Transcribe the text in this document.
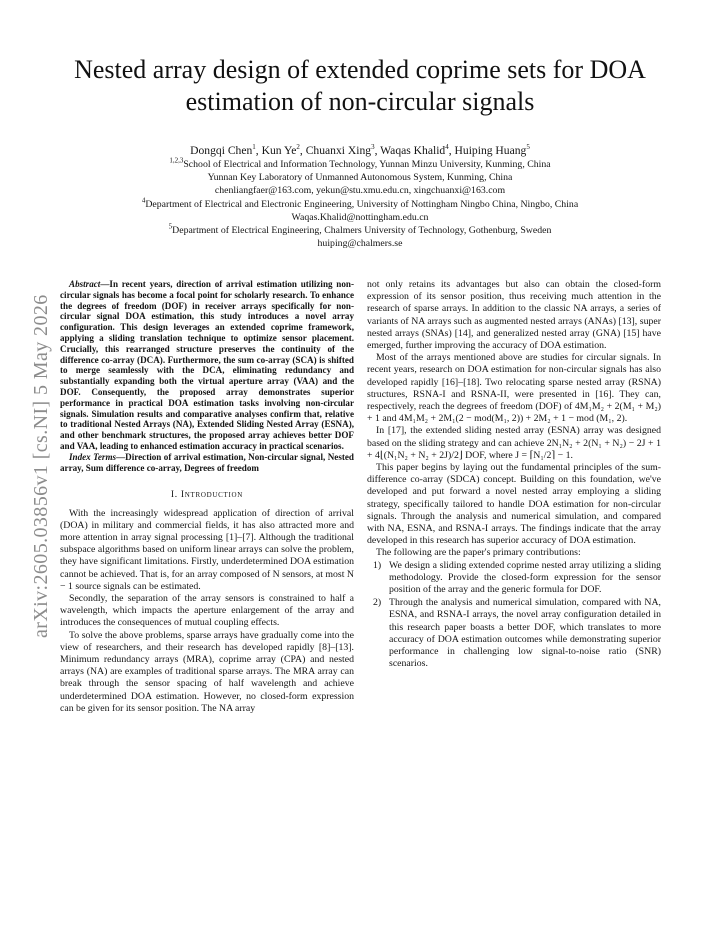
arXiv:2605.03856v1 [cs.NI] 5 May 2026
Nested array design of extended coprime sets for DOA estimation of non-circular signals
Dongqi Chen$^1$, Kun Ye$^2$, Chuanxi Xing$^3$, Waqas Khalid$^4$, Huiping Huang$^5$
$^{1,2,3}$School of Electrical and Information Technology, Yunnan Minzu University, Kunming, China
Yunnan Key Laboratory of Unmanned Autonomous System, Kunming, China
chenliangfaer@163.com, yekun@stu.xmu.edu.cn, xingchuanxi@163.com
$^4$Department of Electrical and Electronic Engineering, University of Nottingham Ningbo China, Ningbo, China
Waqas.Khalid@nottingham.edu.cn
$^5$Department of Electrical Engineering, Chalmers University of Technology, Gothenburg, Sweden
huiping@chalmers.se

Abstract—In recent years, direction of arrival estimation utilizing non-circular signals has become a focal point for scholarly research. To enhance the degrees of freedom (DOF) in receiver arrays specifically for non-circular signal DOA estimation, this study introduces a novel array configuration. This design leverages an extended coprime framework, applying a sliding translation technique to optimize sensor placement. Crucially, this rearranged structure preserves the continuity of the difference co-array (DCA). Furthermore, the sum co-array (SCA) is shifted to merge seamlessly with the DCA, eliminating redundancy and substantially expanding both the virtual aperture array (VAA) and the DOF. Consequently, the proposed array demonstrates superior performance in practical DOA estimation tasks involving non-circular signals. Simulation results and comparative analyses confirm that, relative to traditional Nested Arrays (NA), Extended Sliding Nested Array (ESNA), and other benchmark structures, the proposed array achieves better DOF and VAA, leading to enhanced estimation accuracy in practical scenarios.

Index Terms—Direction of arrival estimation, Non-circular signal, Nested array, Sum difference co-array, Degrees of freedom

I. Introduction

With the increasingly widespread application of direction of arrival (DOA) in military and commercial fields, it has also attracted more and more attention in array signal processing [1]–[7]. Although the traditional subspace algorithms based on uniform linear arrays can solve the problem, they have significant limitations. Firstly, underdetermined DOA estimation cannot be achieved. That is, for an array composed of N sensors, at most N − 1 source signals can be estimated.

Secondly, the separation of the array sensors is constrained to half a wavelength, which impacts the aperture enlargement of the array and introduces the consequences of mutual coupling effects.

To solve the above problems, sparse arrays have gradually come into the view of researchers, and their research has developed rapidly [8]–[13]. Minimum redundancy arrays (MRA), coprime array (CPA) and nested arrays (NA) are examples of traditional sparse arrays. The MRA array can break through the sensor spacing of half wavelength and achieve underdetermined DOA estimation. However, no closed-form expression can be given for its sensor position. The NA array

not only retains its advantages but also can obtain the closed-form expression of its sensor position, thus receiving much attention in the research of sparse arrays. In addition to the classic NA arrays, a series of variants of NA arrays such as augmented nested arrays (ANAs) [13], super nested arrays (SNAs) [14], and generalized nested array (GNA) [15] have emerged, further improving the accuracy of DOA estimation.

Most of the arrays mentioned above are studies for circular signals. In recent years, research on DOA estimation for non-circular signals has also developed rapidly [16]–[18]. Two relocating sparse nested array (RSNA) structures, RSNA-I and RSNA-II, were presented in [16]. They can, respectively, reach the degrees of freedom (DOF) of 4M₁M₂ + 2(M₁ + M₂) + 1 and 4M₁M₂ + 2M₁(2 − mod(M₁, 2)) + 2M₂ + 1 − mod (M₁, 2).

In [17], the extended sliding nested array (ESNA) array was designed based on the sliding strategy and can achieve 2N₁N₂ + 2(N₁ + N₂) − 2J + 1 + 4⌊(N₁N₂ + N₂ + 2J)/2⌋ DOF, where J = ⌈N₁/2⌉ − 1.

This paper begins by laying out the fundamental principles of the sum-difference co-array (SDCA) concept. Building on this foundation, we've developed and put forward a novel nested array employing a sliding strategy, specifically tailored to handle DOA estimation for non-circular signals. Through the analysis and numerical simulation, and compared with NA, ESNA, and RSNA-I arrays. The findings indicate that the array developed in this research has superior accuracy of DOA estimation.

The following are the paper's primary contributions:

1) We design a sliding extended coprime nested array utilizing a sliding methodology. Provide the closed-form expression for the sensor position of the array and the generic formula for DOF.
2) Through the analysis and numerical simulation, compared with NA, ESNA, and RSNA-I arrays, the novel array configuration detailed in this research paper boasts a better DOF, which translates to more accuracy of DOA estimation outcomes while demonstrating superior performance in challenging low signal-to-noise ratio (SNR) scenarios.
